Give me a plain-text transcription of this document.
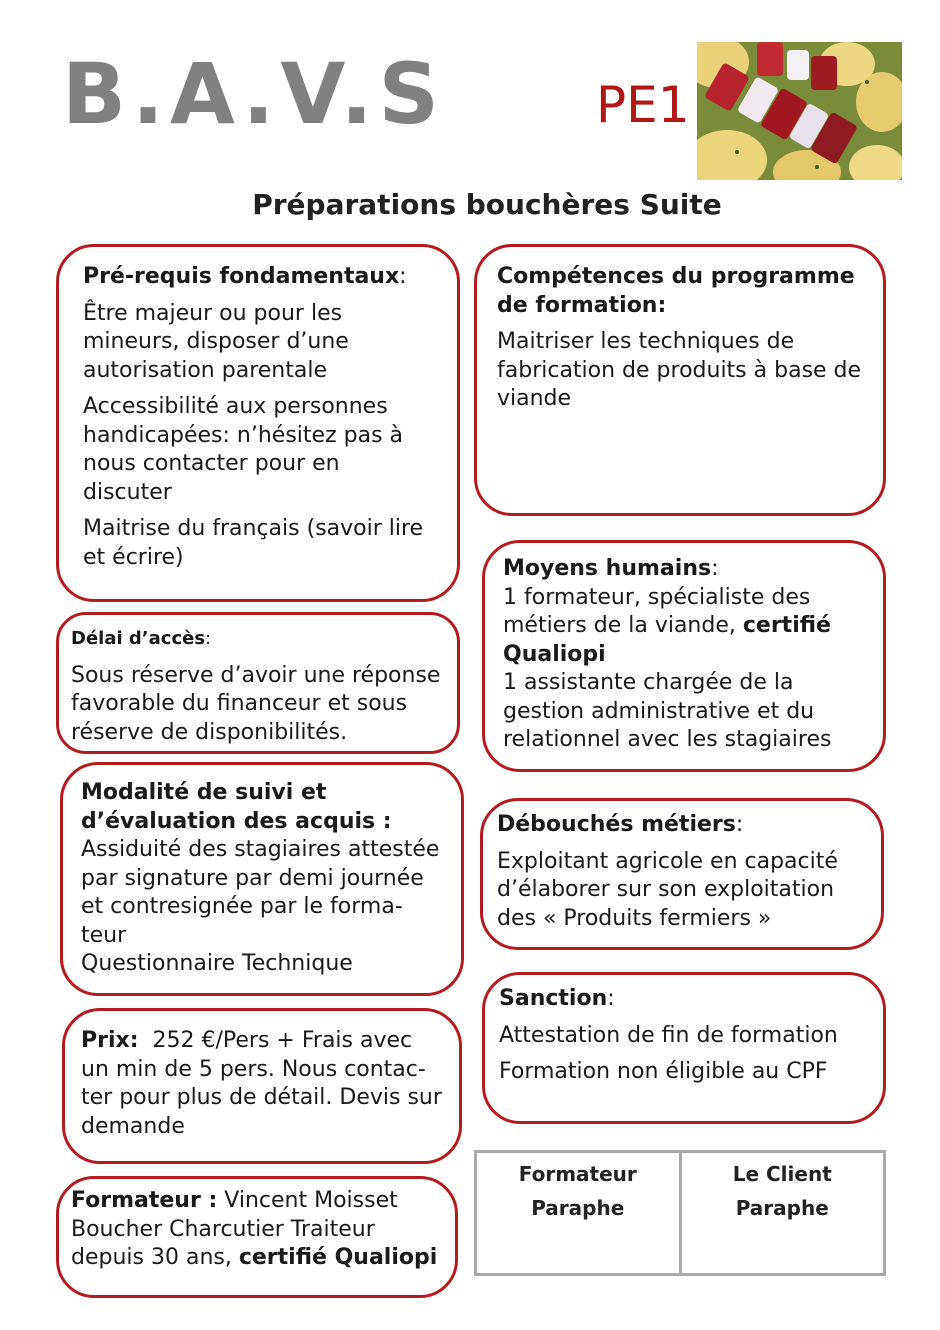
B.A.V.S	PE1
Préparations bouchères Suite

Pré-requis fondamentaux:

Être majeur ou pour les mineurs, disposer d’une autorisation parentale

Accessibilité aux personnes handicapées: n’hésitez pas à nous contacter pour en discuter

Maitrise du français (savoir lire et écrire)

Délai d’accès:

Sous réserve d’avoir une réponse favorable du financeur et sous réserve de disponibilités.

Modalité de suivi et d’évaluation des acquis :

Assiduité des stagiaires attestée par signature par demi journée et contresignée par le forma-teur

Questionnaire Technique

Prix: 252 €/Pers + Frais avec un min de 5 pers. Nous contac-ter pour plus de détail. Devis sur demande

Formateur : Vincent Moisset

Boucher Charcutier Traiteur depuis 30 ans, certifié Qualiopi

Compétences du programme de formation:

Maitriser les techniques de fabrication de produits à base de viande

Moyens humains:

1 formateur, spécialiste des métiers de la viande, certifié Qualiopi

1 assistante chargée de la gestion administrative et du relationnel avec les stagiaires

Débouchés métiers:

Exploitant agricole en capacité d’élaborer sur son exploitation des « Produits fermiers »

Sanction:

Attestation de fin de formation

Formation non éligible au CPF

Formateur
Paraphe
Le Client
Paraphe
